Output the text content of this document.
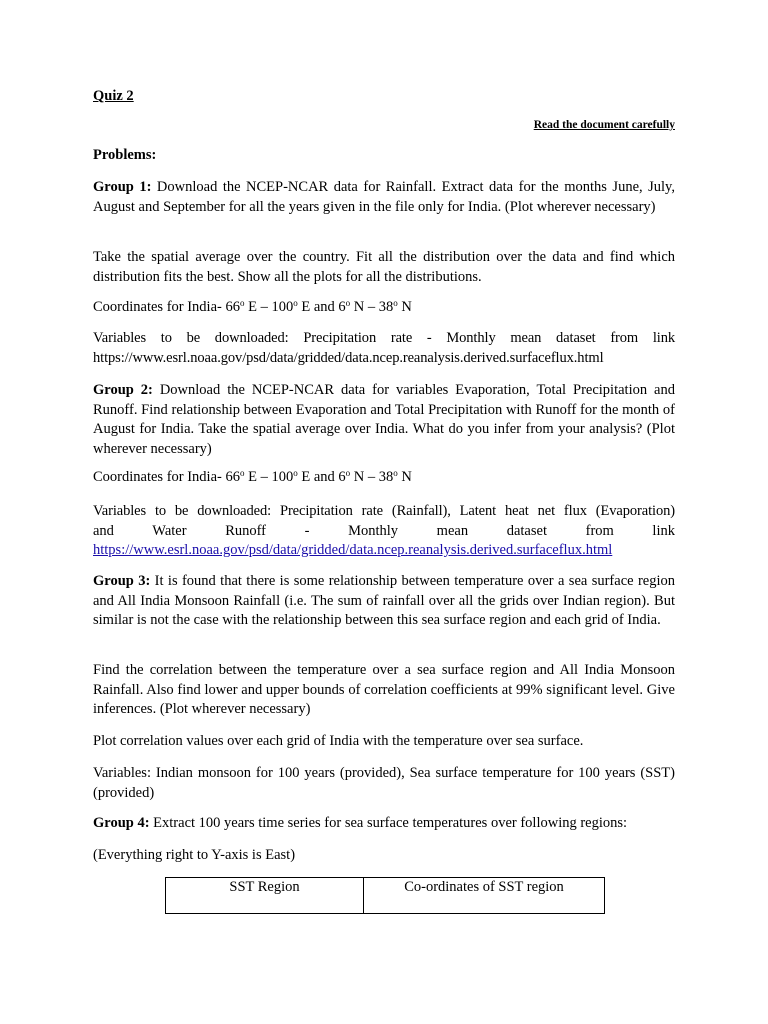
Quiz 2
Read the document carefully
Problems:

Group 1: Download the NCEP-NCAR data for Rainfall. Extract data for the months June, July, August and September for all the years given in the file only for India. (Plot wherever necessary)

Take the spatial average over the country. Fit all the distribution over the data and find which distribution fits the best. Show all the plots for all the distributions.

Coordinates for India- 66$^o$ E – 100$^o$ E and 6$^o$ N – 38$^o$ N

Variables to be downloaded: Precipitation rate - Monthly mean dataset from link https://www.esrl.noaa.gov/psd/data/gridded/data.ncep.reanalysis.derived.surfaceflux.html

Group 2: Download the NCEP-NCAR data for variables Evaporation, Total Precipitation and Runoff. Find relationship between Evaporation and Total Precipitation with Runoff for the month of August for India. Take the spatial average over India. What do you infer from your analysis? (Plot wherever necessary)

Coordinates for India- 66$^o$ E – 100$^o$ E and 6$^o$ N – 38$^o$ N

Variables to be downloaded: Precipitation rate (Rainfall), Latent heat net flux (Evaporation)
and Water Runoff - Monthly mean dataset from link
https://www.esrl.noaa.gov/psd/data/gridded/data.ncep.reanalysis.derived.surfaceflux.html

Group 3: It is found that there is some relationship between temperature over a sea surface region and All India Monsoon Rainfall (i.e. The sum of rainfall over all the grids over Indian region). But similar is not the case with the relationship between this sea surface region and each grid of India.

Find the correlation between the temperature over a sea surface region and All India Monsoon Rainfall. Also find lower and upper bounds of correlation coefficients at 99% significant level. Give inferences. (Plot wherever necessary)

Plot correlation values over each grid of India with the temperature over sea surface.

Variables: Indian monsoon for 100 years (provided), Sea surface temperature for 100 years (SST) (provided)

Group 4: Extract 100 years time series for sea surface temperatures over following regions:

(Everything right to Y-axis is East)

SST Region	Co-ordinates of SST region
